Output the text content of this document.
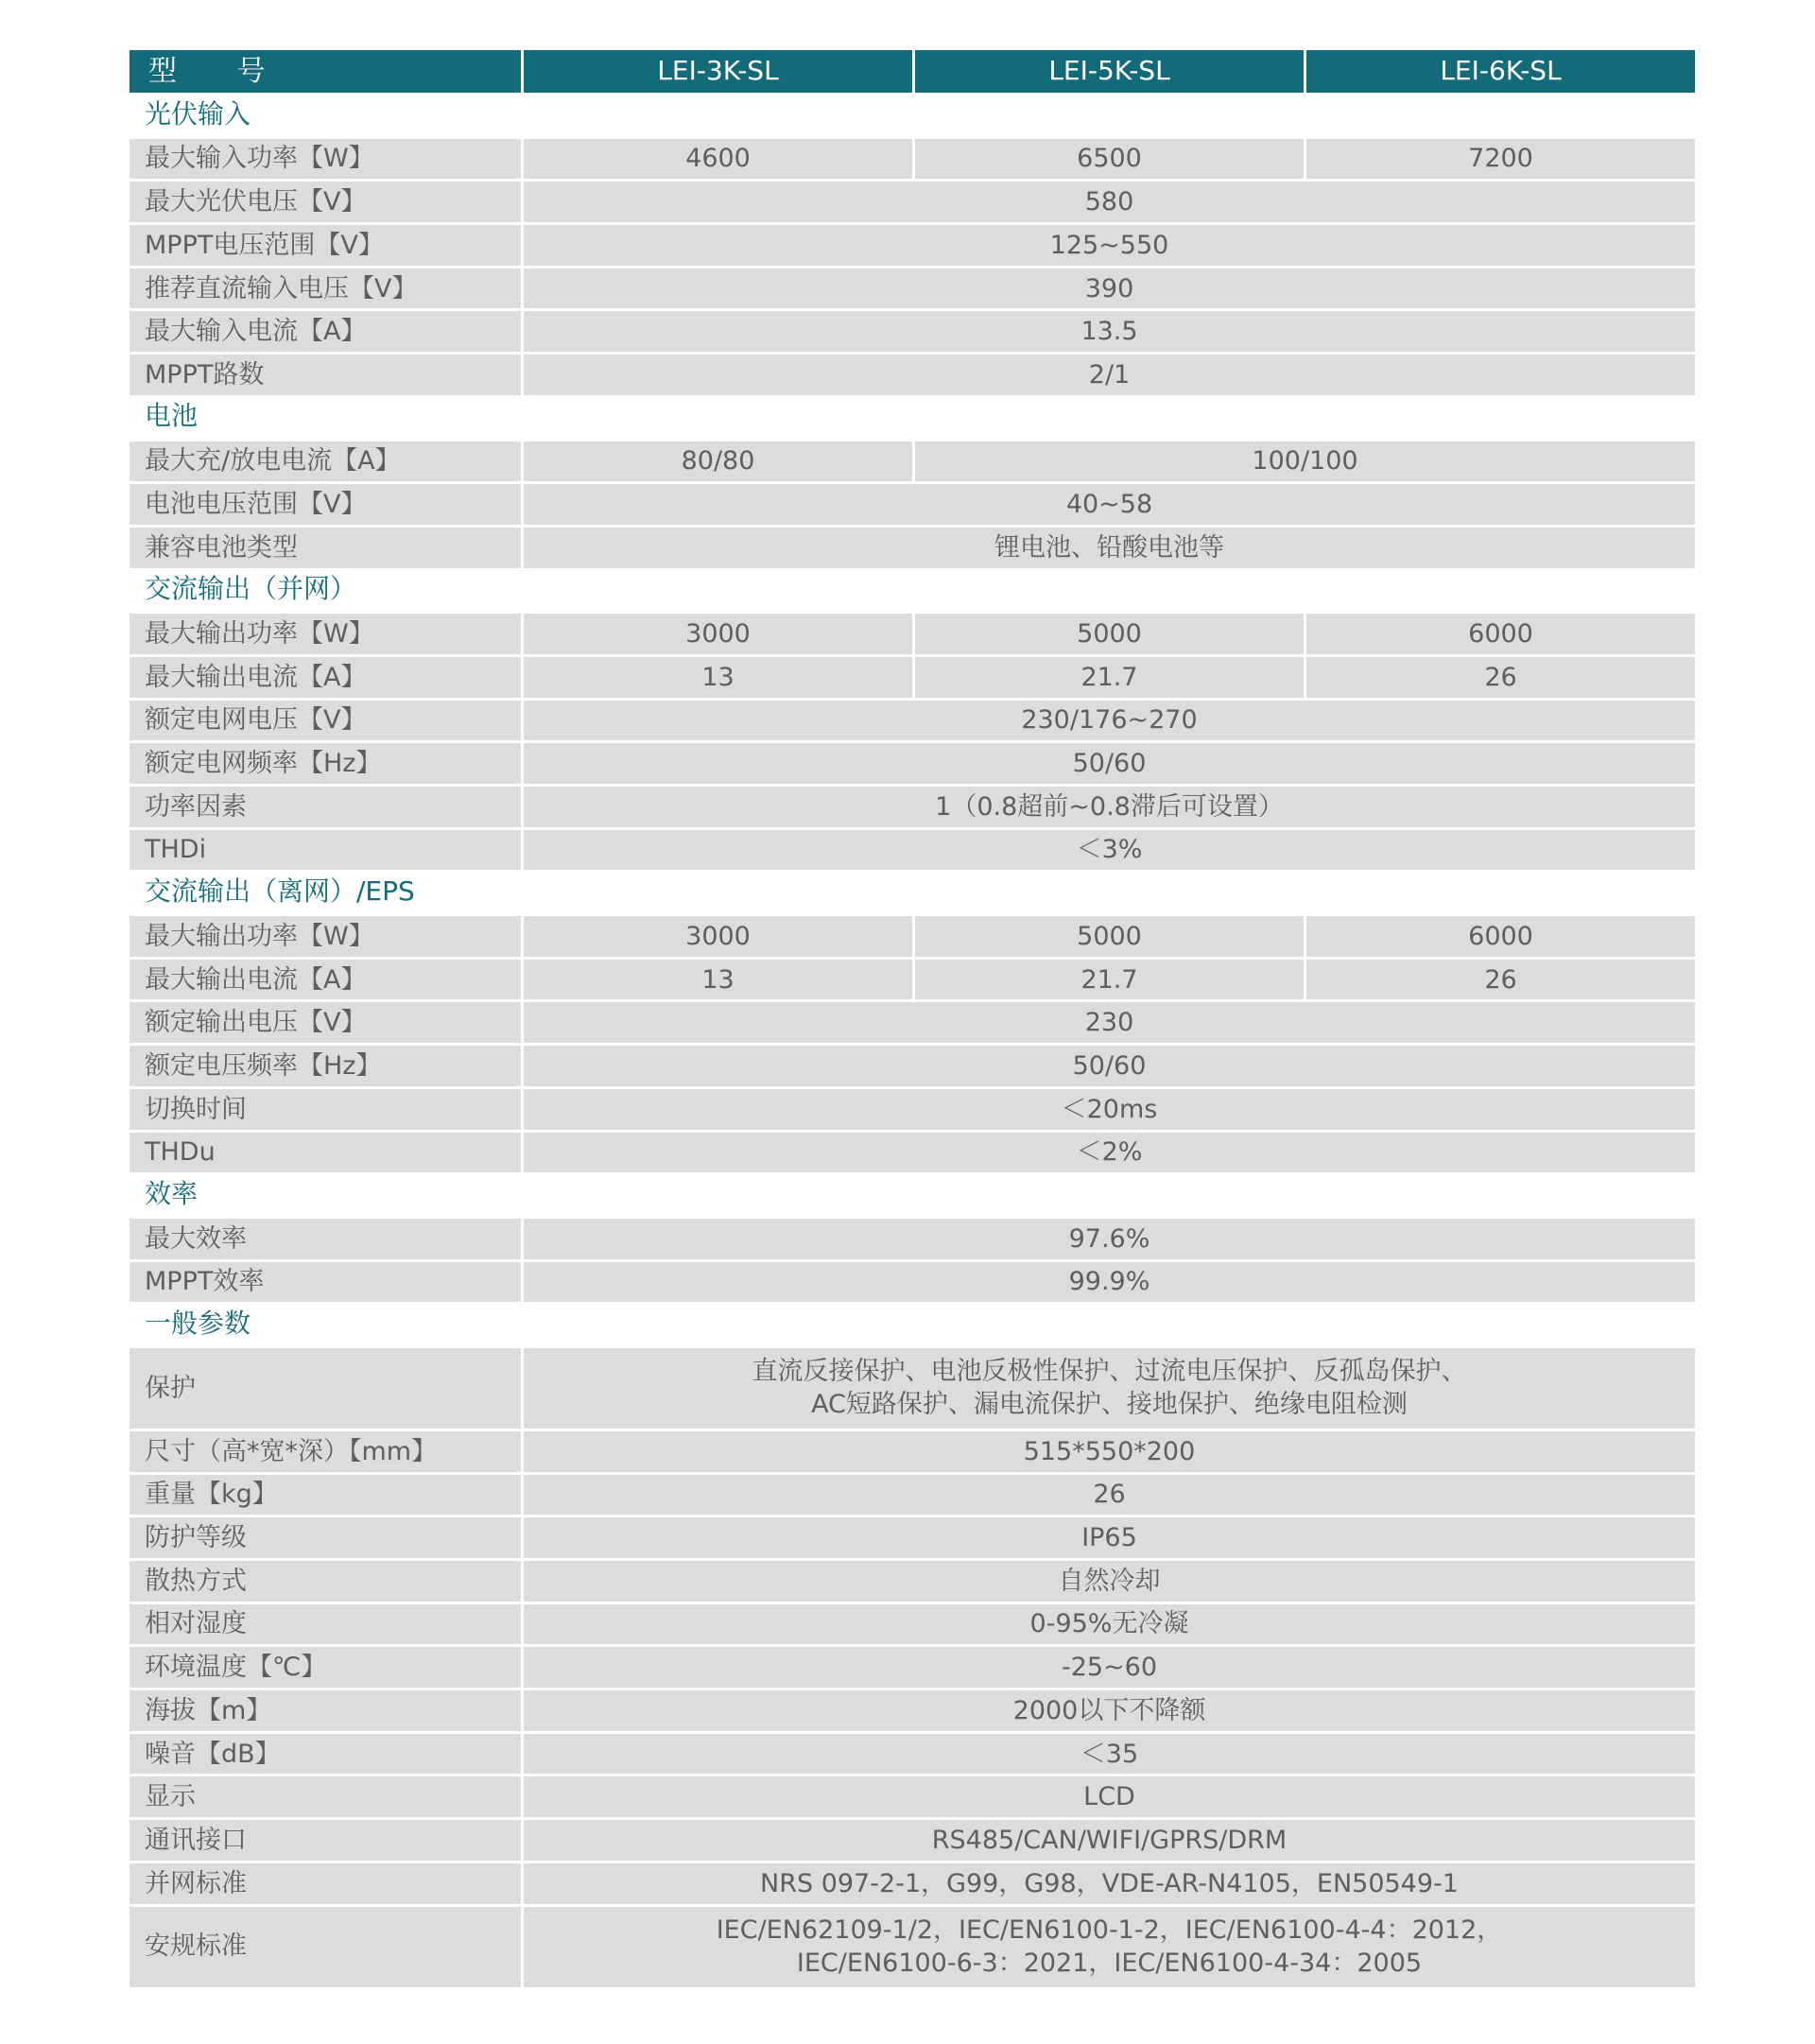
型 号	LEI-3K-SL	LEI-5K-SL	LEI-6K-SL
光伏输入			
最大输入功率【W】	4600	6500	7200
最大光伏电压【V】	580		
MPPT电压范围【V】	125~550		
推荐直流输入电压【V】	390		
最大输入电流【A】	13.5		
MPPT路数	2/1		
电池			
最大充/放电电流【A】	80/80	100/100	
电池电压范围【V】	40~58		
兼容电池类型	锂电池、铅酸电池等		
交流输出（并网）			
最大输出功率【W】	3000	5000	6000
最大输出电流【A】	13	21.7	26
额定电网电压【V】	230/176~270		
额定电网频率【Hz】	50/60		
功率因素	1（0.8超前~0.8滞后可设置）		
THDi	＜3%		
交流输出（离网）/EPS			
最大输出功率【W】	3000	5000	6000
最大输出电流【A】	13	21.7	26
额定输出电压【V】	230		
额定电压频率【Hz】	50/60		
切换时间	＜20ms		
THDu	＜2%		
效率			
最大效率	97.6%		
MPPT效率	99.9%		
一般参数			
保护	直流反接保护、电池反极性保护、过流电压保护、反孤岛保护、
AC短路保护、漏电流保护、接地保护、绝缘电阻检测		

尺寸（高*宽*深）【mm】	515*550*200		
重量【kg】	26		
防护等级	IP65		
散热方式	自然冷却		
相对湿度	0-95%无冷凝		
环境温度【℃】	-25~60		
海拔【m】	2000以下不降额		
噪音【dB】	＜35		
显示	LCD		
通讯接口	RS485/CAN/WIFI/GPRS/DRM		
并网标准	NRS 097-2-1，G99，G98，VDE-AR-N4105，EN50549-1		
安规标准	IEC/EN62109-1/2，IEC/EN6100-1-2，IEC/EN6100-4-4：2012，
IEC/EN6100-6-3：2021，IEC/EN6100-4-34：2005		
